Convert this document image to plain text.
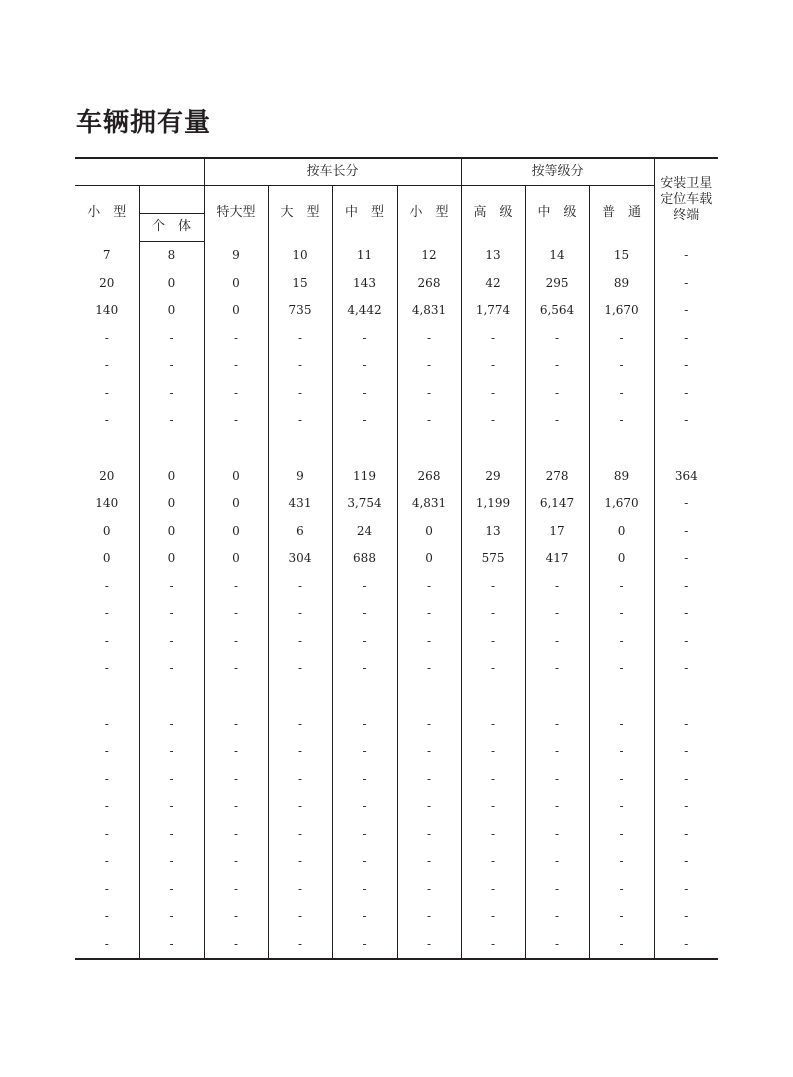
车辆拥有量
		按车长分				按等级分			安装卫星定位车载终端

小　型		特大型	大　型	中　型	小　型	高　级	中　级	普　通	
	个　体								
7	8	9	10	11	12	13	14	15	-
20	0	0	15	143	268	42	295	89	-
140	0	0	735	4,442	4,831	1,774	6,564	1,670	-
-	-	-	-	-	-	-	-	-	-
-	-	-	-	-	-	-	-	-	-
-	-	-	-	-	-	-	-	-	-
-	-	-	-	-	-	-	-	-	-

20	0	0	9	119	268	29	278	89	364
140	0	0	431	3,754	4,831	1,199	6,147	1,670	-
0	0	0	6	24	0	13	17	0	-
0	0	0	304	688	0	575	417	0	-
-	-	-	-	-	-	-	-	-	-
-	-	-	-	-	-	-	-	-	-
-	-	-	-	-	-	-	-	-	-
-	-	-	-	-	-	-	-	-	-

-	-	-	-	-	-	-	-	-	-
-	-	-	-	-	-	-	-	-	-
-	-	-	-	-	-	-	-	-	-
-	-	-	-	-	-	-	-	-	-
-	-	-	-	-	-	-	-	-	-
-	-	-	-	-	-	-	-	-	-
-	-	-	-	-	-	-	-	-	-
-	-	-	-	-	-	-	-	-	-
-	-	-	-	-	-	-	-	-	-
